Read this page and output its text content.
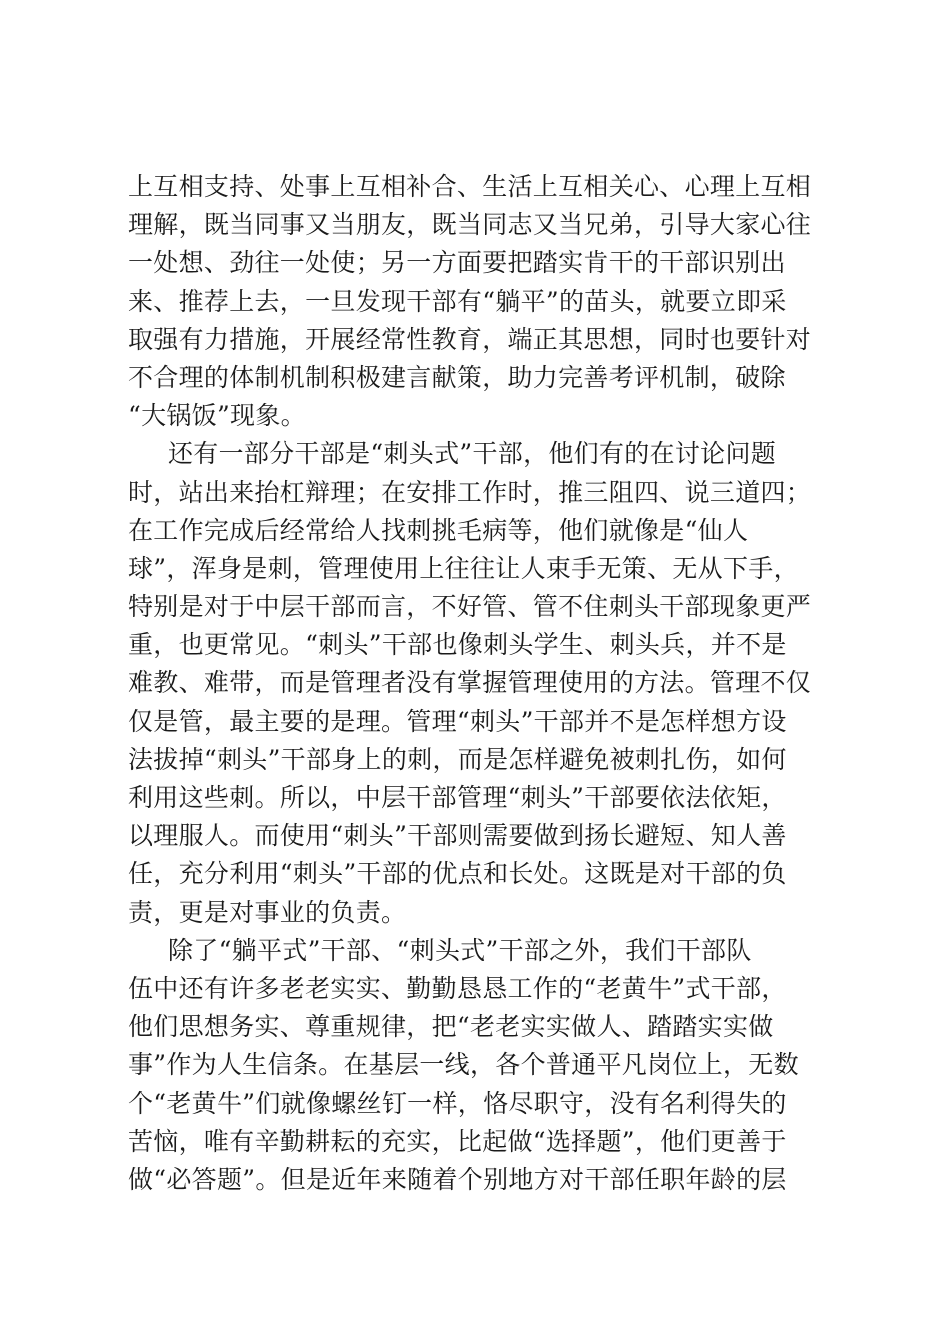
上互相支持、处事上互相补合、生活上互相关心、心理上互相
理解，既当同事又当朋友，既当同志又当兄弟，引导大家心往
一处想、劲往一处使；另一方面要把踏实肯干的干部识别出
来、推荐上去，一旦发现干部有“躺平”的苗头，就要立即采
取强有力措施，开展经常性教育，端正其思想，同时也要针对
不合理的体制机制积极建言献策，助力完善考评机制，破除
“大锅饭”现象。
还有一部分干部是“刺头式”干部，他们有的在讨论问题
时，站出来抬杠辩理；在安排工作时，推三阻四、说三道四；
在工作完成后经常给人找刺挑毛病等，他们就像是“仙人
球”，浑身是刺，管理使用上往往让人束手无策、无从下手，
特别是对于中层干部而言，不好管、管不住刺头干部现象更严
重，也更常见。“刺头”干部也像刺头学生、刺头兵，并不是
难教、难带，而是管理者没有掌握管理使用的方法。管理不仅
仅是管，最主要的是理。管理“刺头”干部并不是怎样想方设
法拔掉“刺头”干部身上的刺，而是怎样避免被刺扎伤，如何
利用这些刺。所以，中层干部管理“刺头”干部要依法依矩，
以理服人。而使用“刺头”干部则需要做到扬长避短、知人善
任，充分利用“刺头”干部的优点和长处。这既是对干部的负
责，更是对事业的负责。
除了“躺平式”干部、“刺头式”干部之外，我们干部队
伍中还有许多老老实实、勤勤恳恳工作的“老黄牛”式干部，
他们思想务实、尊重规律，把“老老实实做人、踏踏实实做
事”作为人生信条。在基层一线，各个普通平凡岗位上，无数
个“老黄牛”们就像螺丝钉一样，恪尽职守，没有名利得失的
苦恼，唯有辛勤耕耘的充实，比起做“选择题”，他们更善于
做“必答题”。但是近年来随着个别地方对干部任职年龄的层
